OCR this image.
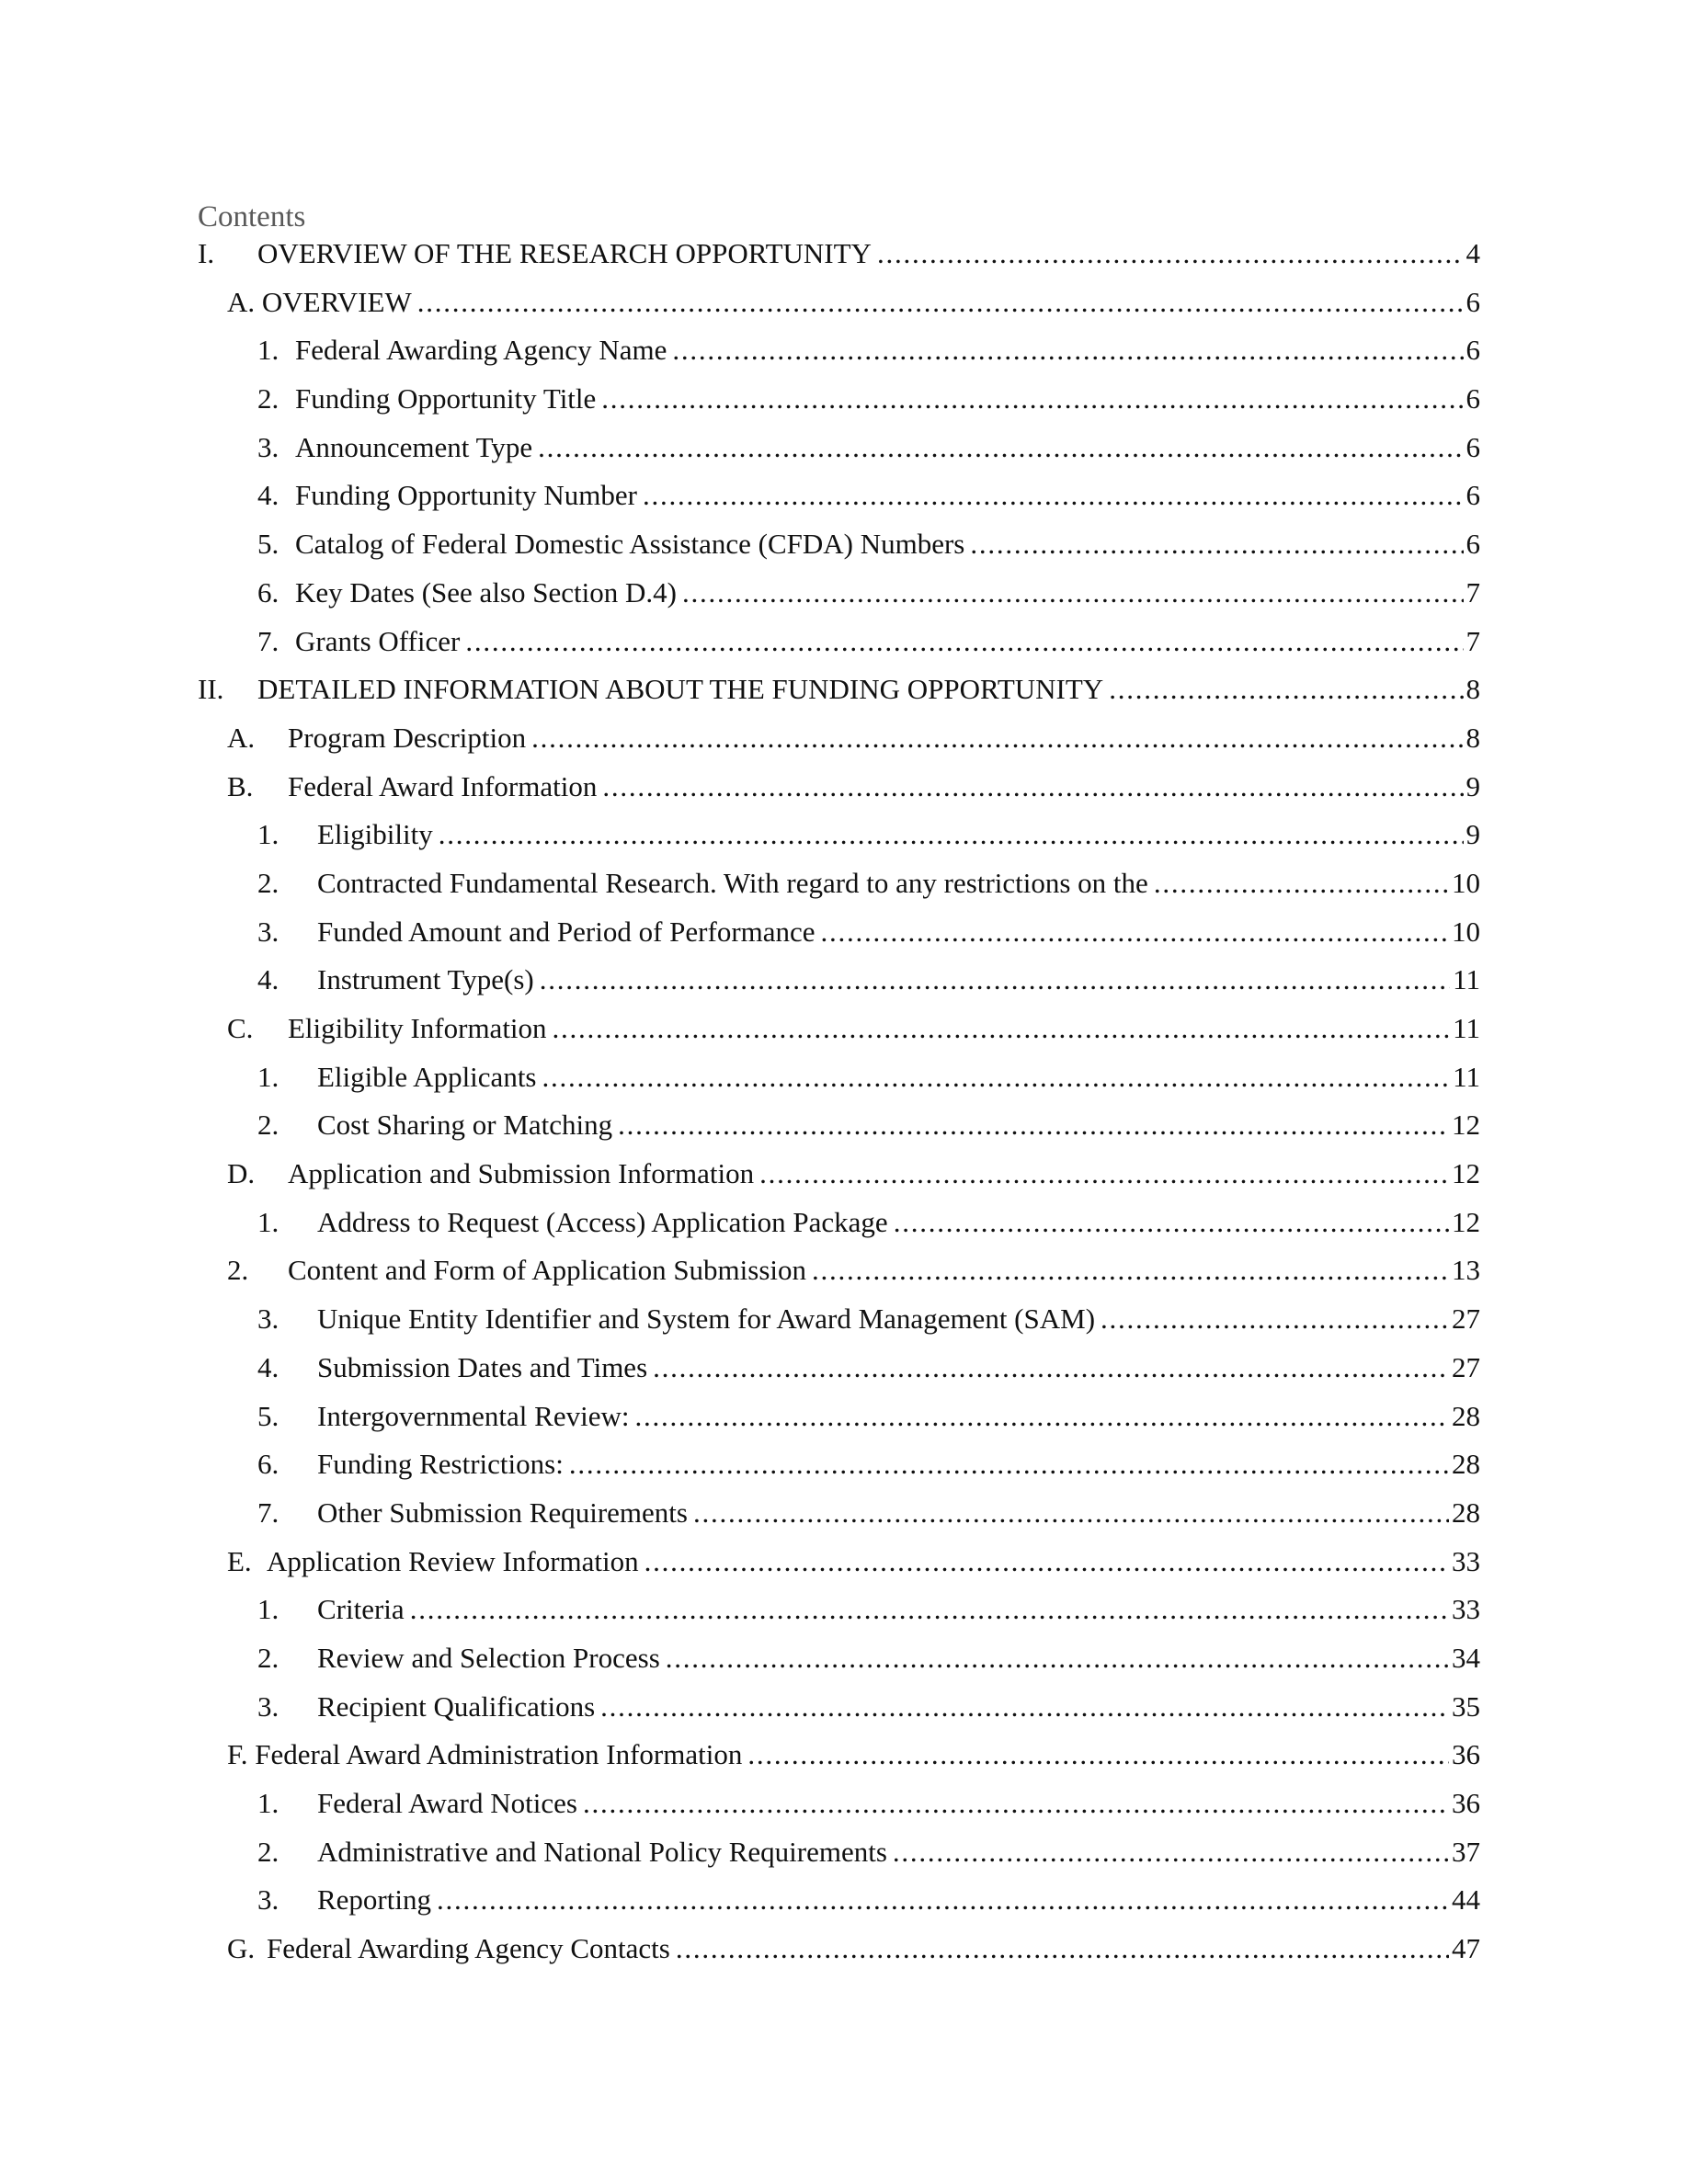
Contents
I. OVERVIEW OF THE RESEARCH OPPORTUNITY . . .	4
A. OVERVIEW . . .	6
1. Federal Awarding Agency Name . . .	6
2. Funding Opportunity Title . . .	6
3. Announcement Type . . .	6
4. Funding Opportunity Number . . .	6
5. Catalog of Federal Domestic Assistance (CFDA) Numbers . . .	6
6. Key Dates (See also Section D.4) . . .	7
7. Grants Officer . . .	7
II. DETAILED INFORMATION ABOUT THE FUNDING OPPORTUNITY . . .	8
A. Program Description . . .	8
B. Federal Award Information . . .	9
1. Eligibility . . .	9
2. Contracted Fundamental Research. With regard to any restrictions on the . . .	10
3. Funded Amount and Period of Performance . . .	10
4. Instrument Type(s) . . .	11
C. Eligibility Information . . .	11
1. Eligible Applicants . . .	11
2. Cost Sharing or Matching . . .	12
D. Application and Submission Information . . .	12
1. Address to Request (Access) Application Package . . .	12
2. Content and Form of Application Submission . . .	13
3. Unique Entity Identifier and System for Award Management (SAM) . . .	27
4. Submission Dates and Times . . .	27
5. Intergovernmental Review: . . .	28
6. Funding Restrictions: . . .	28
7. Other Submission Requirements . . .	28
E. Application Review Information . . .	33
1. Criteria . . .	33
2. Review and Selection Process . . .	34
3. Recipient Qualifications . . .	35
F. Federal Award Administration Information . . .	36
1. Federal Award Notices . . .	36
2. Administrative and National Policy Requirements . . .	37
3. Reporting . . .	44
G. Federal Awarding Agency Contacts . . .	47
